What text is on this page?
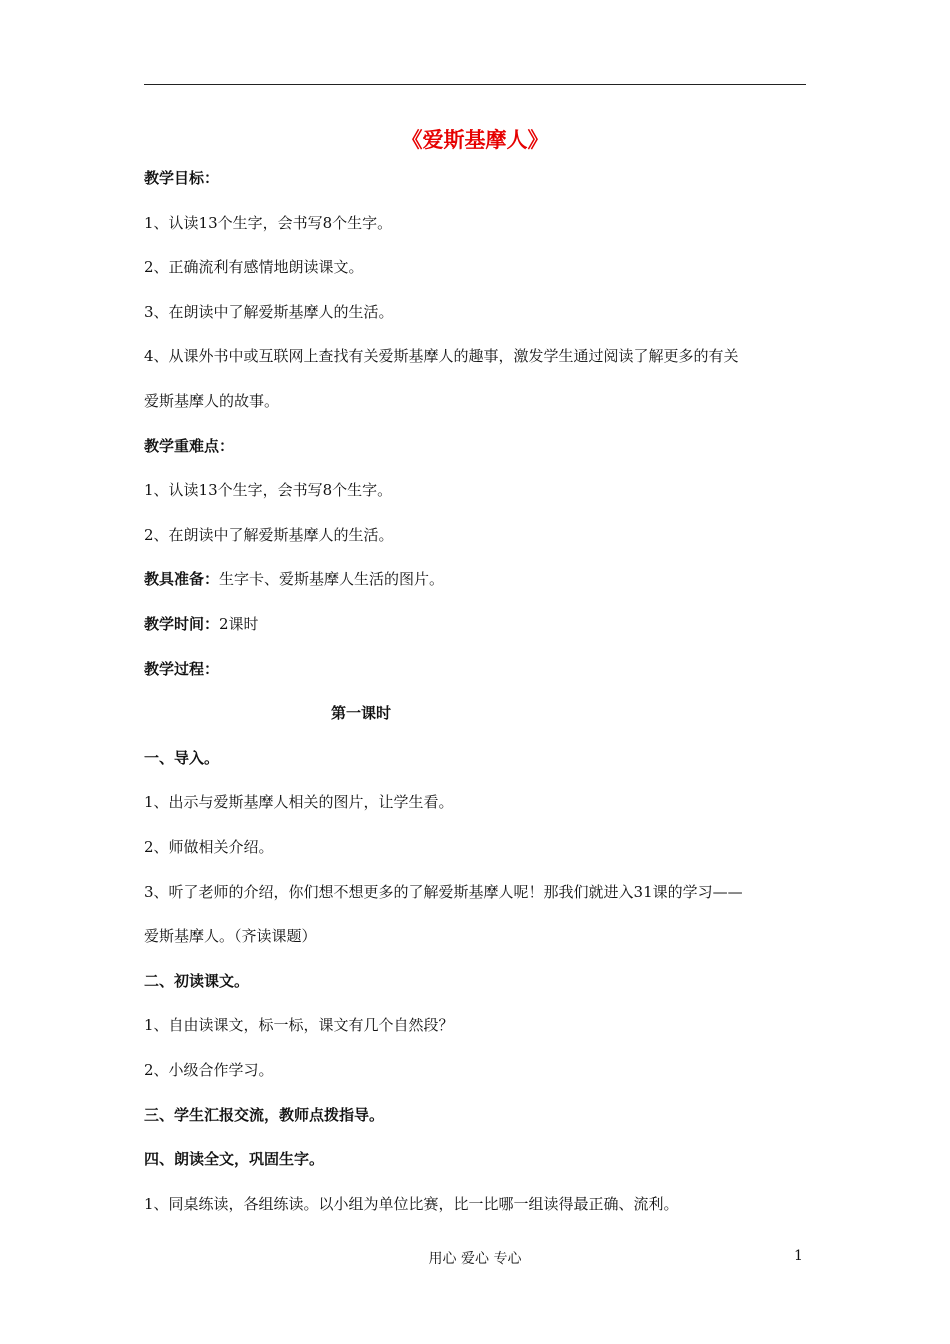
《爱斯基摩人》
教学目标：
1、认读13个生字，会书写8个生字。
2、正确流利有感情地朗读课文。
3、在朗读中了解爱斯基摩人的生活。
4、从课外书中或互联网上查找有关爱斯基摩人的趣事，激发学生通过阅读了解更多的有关
爱斯基摩人的故事。
教学重难点：
1、认读13个生字，会书写8个生字。
2、在朗读中了解爱斯基摩人的生活。
教具准备：生字卡、爱斯基摩人生活的图片。
教学时间：2课时
教学过程：
第一课时
一、导入。
1、出示与爱斯基摩人相关的图片，让学生看。
2、师做相关介绍。
3、听了老师的介绍，你们想不想更多的了解爱斯基摩人呢！那我们就进入31课的学习——
爱斯基摩人。（齐读课题）
二、初读课文。
1、自由读课文，标一标，课文有几个自然段？
2、小级合作学习。
三、学生汇报交流，教师点拨指导。
四、朗读全文，巩固生字。
1、同桌练读，各组练读。以小组为单位比赛，比一比哪一组读得最正确、流利。
用心 爱心 专心	1
